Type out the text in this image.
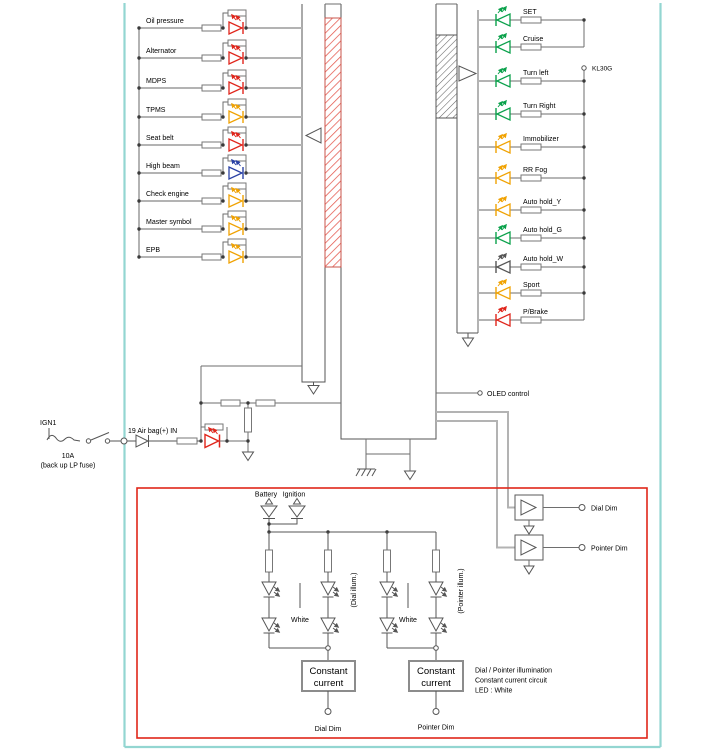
OLED control
IGN1
10A
(back up LP fuse)
19 Air bag(+) IN
Battery Ignition
Oil pressure
Alternator
MDPS
TPMS
Seat belt
High beam
Check engine
Master symbol
EPB
SET
Cruise
Turn left
Turn Right
Immobilizer
RR Fog
Auto hold_Y
Auto hold_G
Auto hold_W
Sport
P/Brake
White	White
(Dial illum.)	(Pointer illum.)
Constant
current
Dial Dim
Constant
current
Pointer Dim
Dial / Pointer illumination
Constant current circuit
LED : White
Dial Dim
Pointer Dim
KL30G
